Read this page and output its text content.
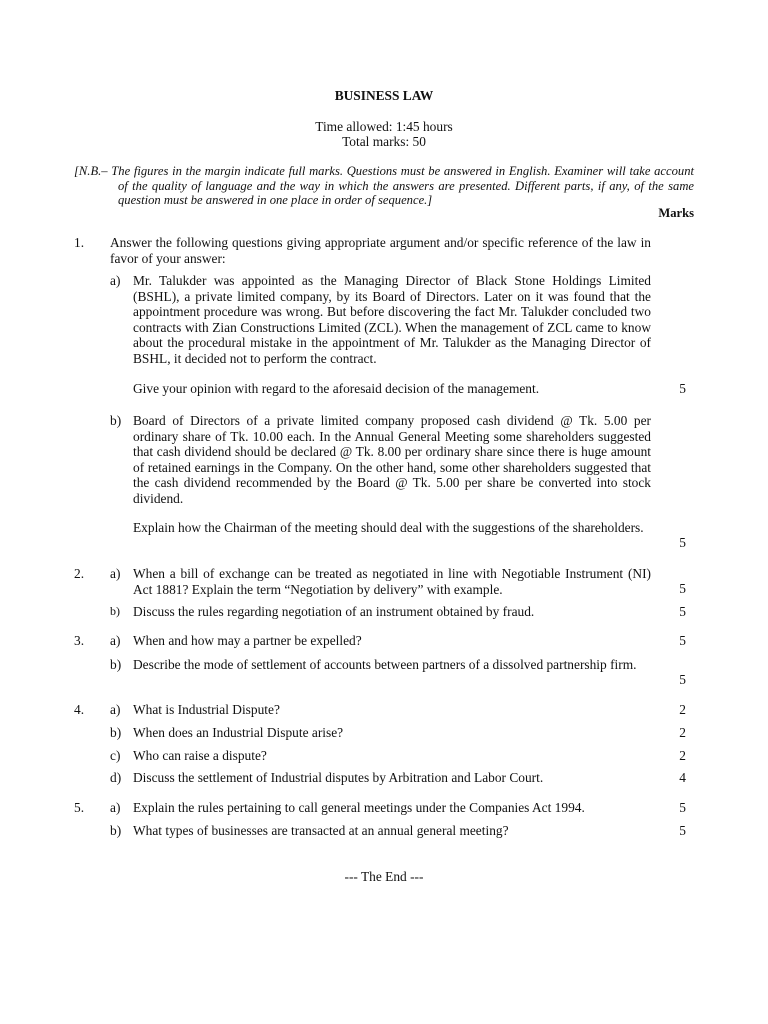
BUSINESS LAW
Time allowed: 1:45 hours
Total marks: 50
[N.B.– The figures in the margin indicate full marks. Questions must be answered in English. Examiner will take account of the quality of language and the way in which the answers are presented. Different parts, if any, of the same question must be answered in one place in order of sequence.]
Marks
1. Answer the following questions giving appropriate argument and/or specific reference of the law in favor of your answer:
a) Mr. Talukder was appointed as the Managing Director of Black Stone Holdings Limited (BSHL), a private limited company, by its Board of Directors. Later on it was found that the appointment procedure was wrong. But before discovering the fact Mr. Talukder concluded two contracts with Zian Constructions Limited (ZCL). When the management of ZCL came to know about the procedural mistake in the appointment of Mr. Talukder as the Managing Director of BSHL, it decided not to perform the contract.
Give your opinion with regard to the aforesaid decision of the management.	5
b) Board of Directors of a private limited company proposed cash dividend @ Tk. 5.00 per ordinary share of Tk. 10.00 each. In the Annual General Meeting some shareholders suggested that cash dividend should be declared @ Tk. 8.00 per ordinary share since there is huge amount of retained earnings in the Company. On the other hand, some other shareholders suggested that the cash dividend recommended by the Board @ Tk. 5.00 per share be converted into stock dividend.
Explain how the Chairman of the meeting should deal with the suggestions of the shareholders.
5
2. a) When a bill of exchange can be treated as negotiated in line with Negotiable Instrument (NI) Act 1881? Explain the term “Negotiation by delivery” with example.	5
b) Discuss the rules regarding negotiation of an instrument obtained by fraud.	5
3. a) When and how may a partner be expelled?	5
b) Describe the mode of settlement of accounts between partners of a dissolved partnership firm.
5
4. a) What is Industrial Dispute?	2
b) When does an Industrial Dispute arise?	2
c) Who can raise a dispute?	2
d) Discuss the settlement of Industrial disputes by Arbitration and Labor Court.	4
5. a) Explain the rules pertaining to call general meetings under the Companies Act 1994.	5
b) What types of businesses are transacted at an annual general meeting?	5
--- The End ---
